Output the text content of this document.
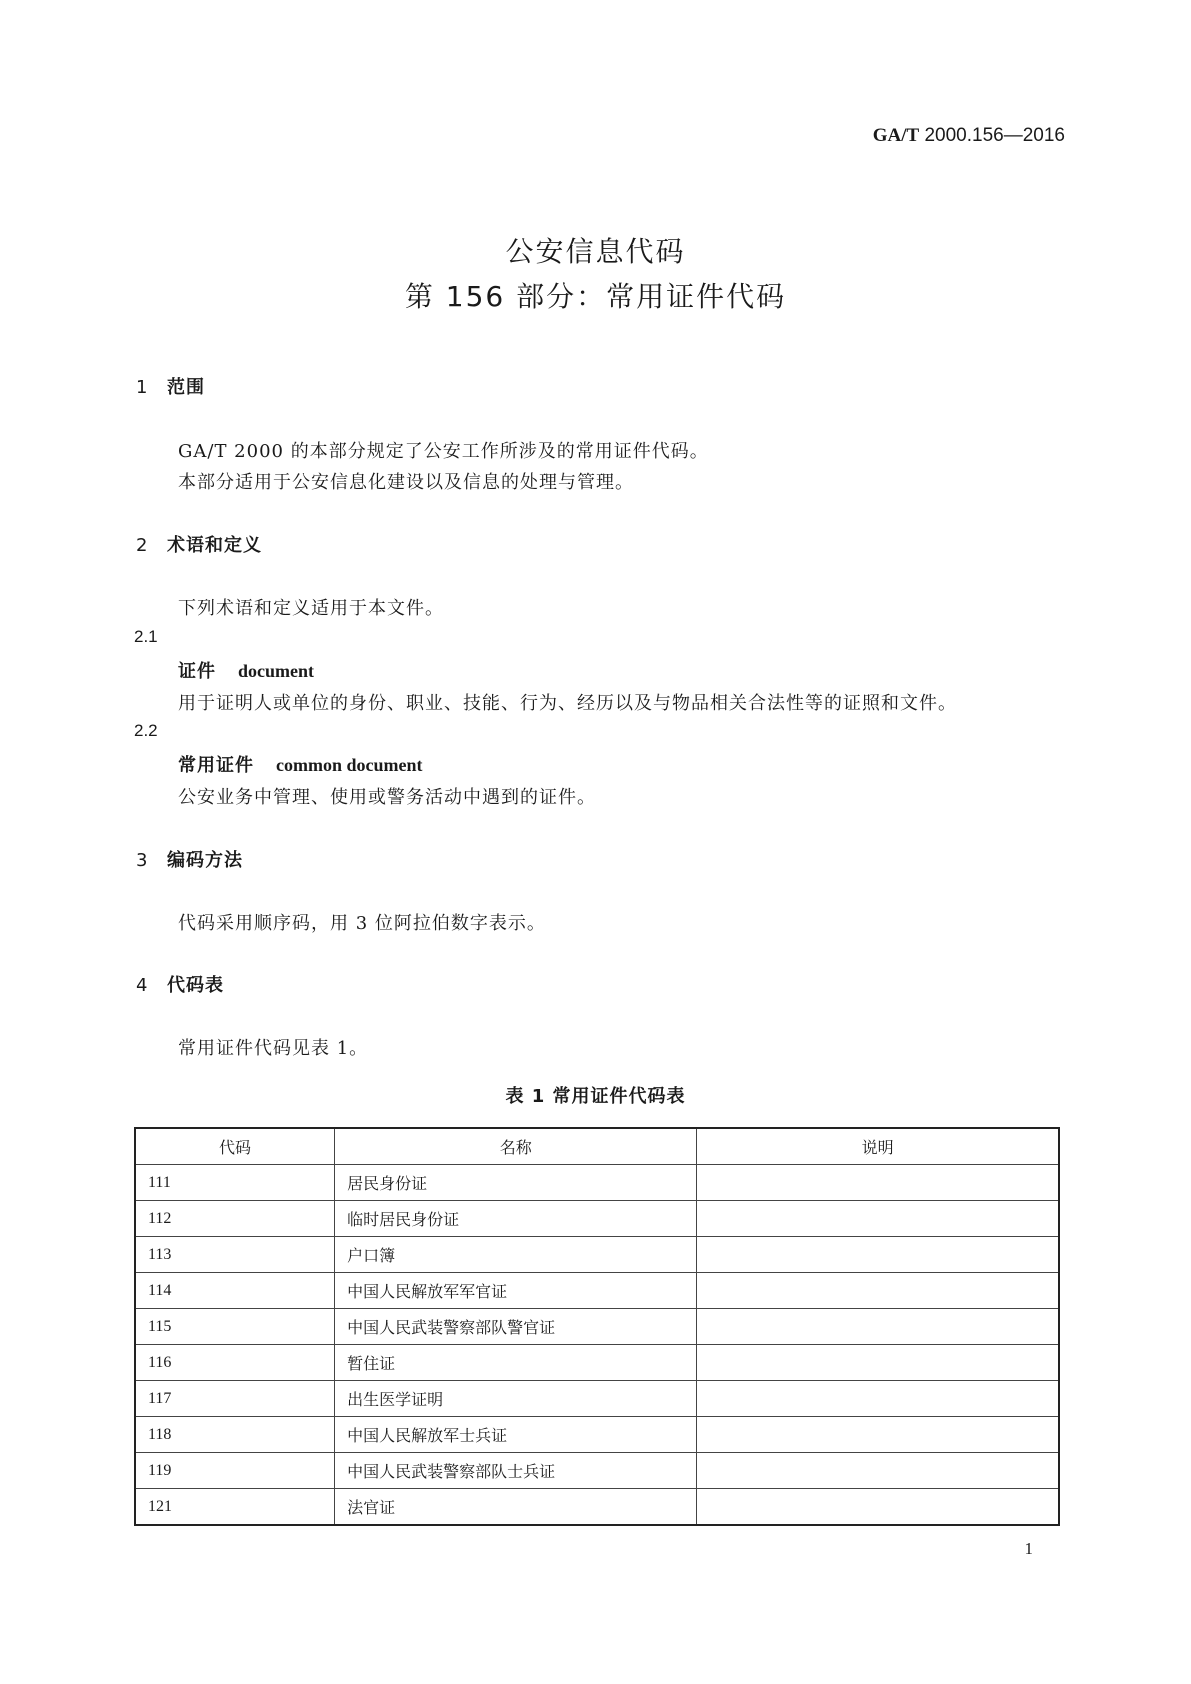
GA/T 2000.156—2016
公安信息代码
第 156 部分：常用证件代码
1 范围
GA/T 2000 的本部分规定了公安工作所涉及的常用证件代码。
本部分适用于公安信息化建设以及信息的处理与管理。
2 术语和定义
下列术语和定义适用于本文件。
2.1
证件 document
用于证明人或单位的身份、职业、技能、行为、经历以及与物品相关合法性等的证照和文件。
2.2
常用证件 common document
公安业务中管理、使用或警务活动中遇到的证件。
3 编码方法
代码采用顺序码，用 3 位阿拉伯数字表示。
4 代码表
常用证件代码见表 1。
表 1 常用证件代码表
代码	名称	说明
111	居民身份证	
112	临时居民身份证	
113	户口簿	
114	中国人民解放军军官证	
115	中国人民武装警察部队警官证	
116	暂住证	
117	出生医学证明	
118	中国人民解放军士兵证	
119	中国人民武装警察部队士兵证	
121	法官证	
1
